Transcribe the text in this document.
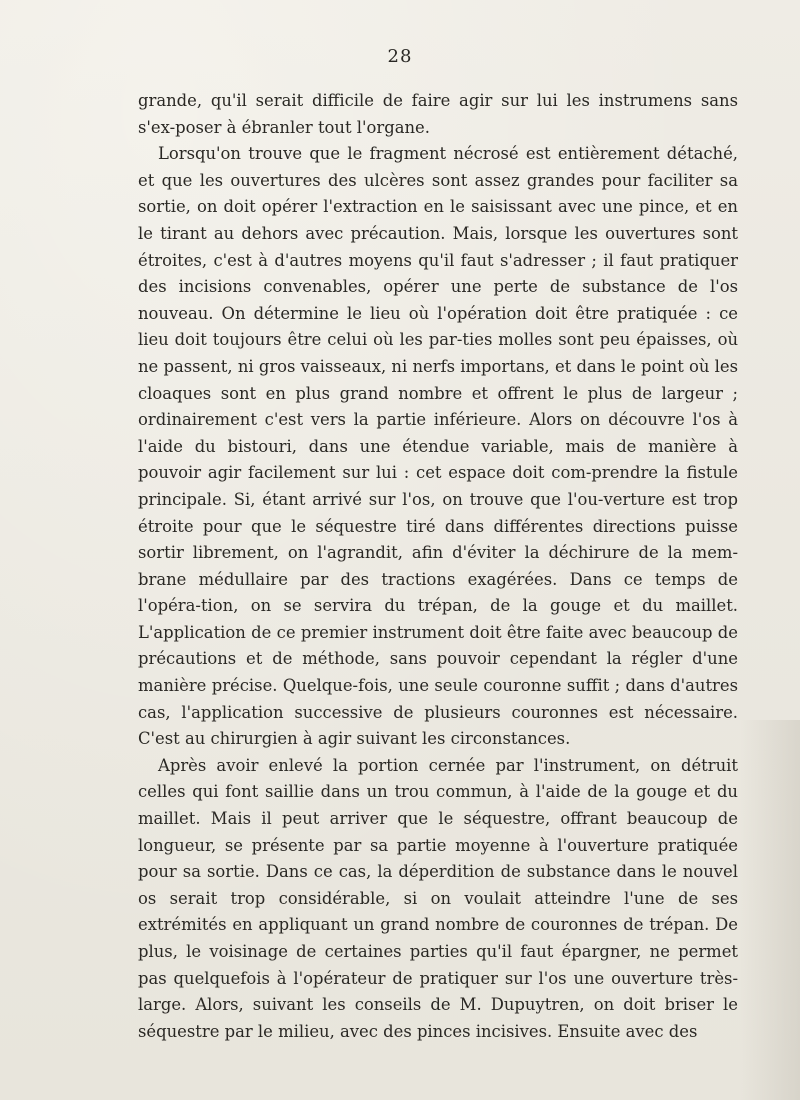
28

grande, qu'il serait difficile de faire agir sur lui les instrumens sans s'ex-poser à ébranler tout l'organe.

Lorsqu'on trouve que le fragment nécrosé est entièrement détaché, et que les ouvertures des ulcères sont assez grandes pour faciliter sa sortie, on doit opérer l'extraction en le saisissant avec une pince, et en le tirant au dehors avec précaution. Mais, lorsque les ouvertures sont étroites, c'est à d'autres moyens qu'il faut s'adresser ; il faut pratiquer des incisions convenables, opérer une perte de substance de l'os nouveau. On détermine le lieu où l'opération doit être pratiquée : ce lieu doit toujours être celui où les par-ties molles sont peu épaisses, où ne passent, ni gros vaisseaux, ni nerfs importans, et dans le point où les cloaques sont en plus grand nombre et offrent le plus de largeur ; ordinairement c'est vers la partie inférieure. Alors on découvre l'os à l'aide du bistouri, dans une étendue variable, mais de manière à pouvoir agir facilement sur lui : cet espace doit com-prendre la fistule principale. Si, étant arrivé sur l'os, on trouve que l'ou-verture est trop étroite pour que le séquestre tiré dans différentes directions puisse sortir librement, on l'agrandit, afin d'éviter la déchirure de la mem-brane médullaire par des tractions exagérées. Dans ce temps de l'opéra-tion, on se servira du trépan, de la gouge et du maillet. L'application de ce premier instrument doit être faite avec beaucoup de précautions et de méthode, sans pouvoir cependant la régler d'une manière précise. Quelque-fois, une seule couronne suffit ; dans d'autres cas, l'application successive de plusieurs couronnes est nécessaire. C'est au chirurgien à agir suivant les circonstances.

Après avoir enlevé la portion cernée par l'instrument, on détruit celles qui font saillie dans un trou commun, à l'aide de la gouge et du maillet. Mais il peut arriver que le séquestre, offrant beaucoup de longueur, se présente par sa partie moyenne à l'ouverture pratiquée pour sa sortie. Dans ce cas, la déperdition de substance dans le nouvel os serait trop considérable, si on voulait atteindre l'une de ses extrémités en appliquant un grand nombre de couronnes de trépan. De plus, le voisinage de certaines parties qu'il faut épargner, ne permet pas quelquefois à l'opérateur de pratiquer sur l'os une ouverture très-large. Alors, suivant les conseils de M. Dupuytren, on doit briser le séquestre par le milieu, avec des pinces incisives. Ensuite avec des
